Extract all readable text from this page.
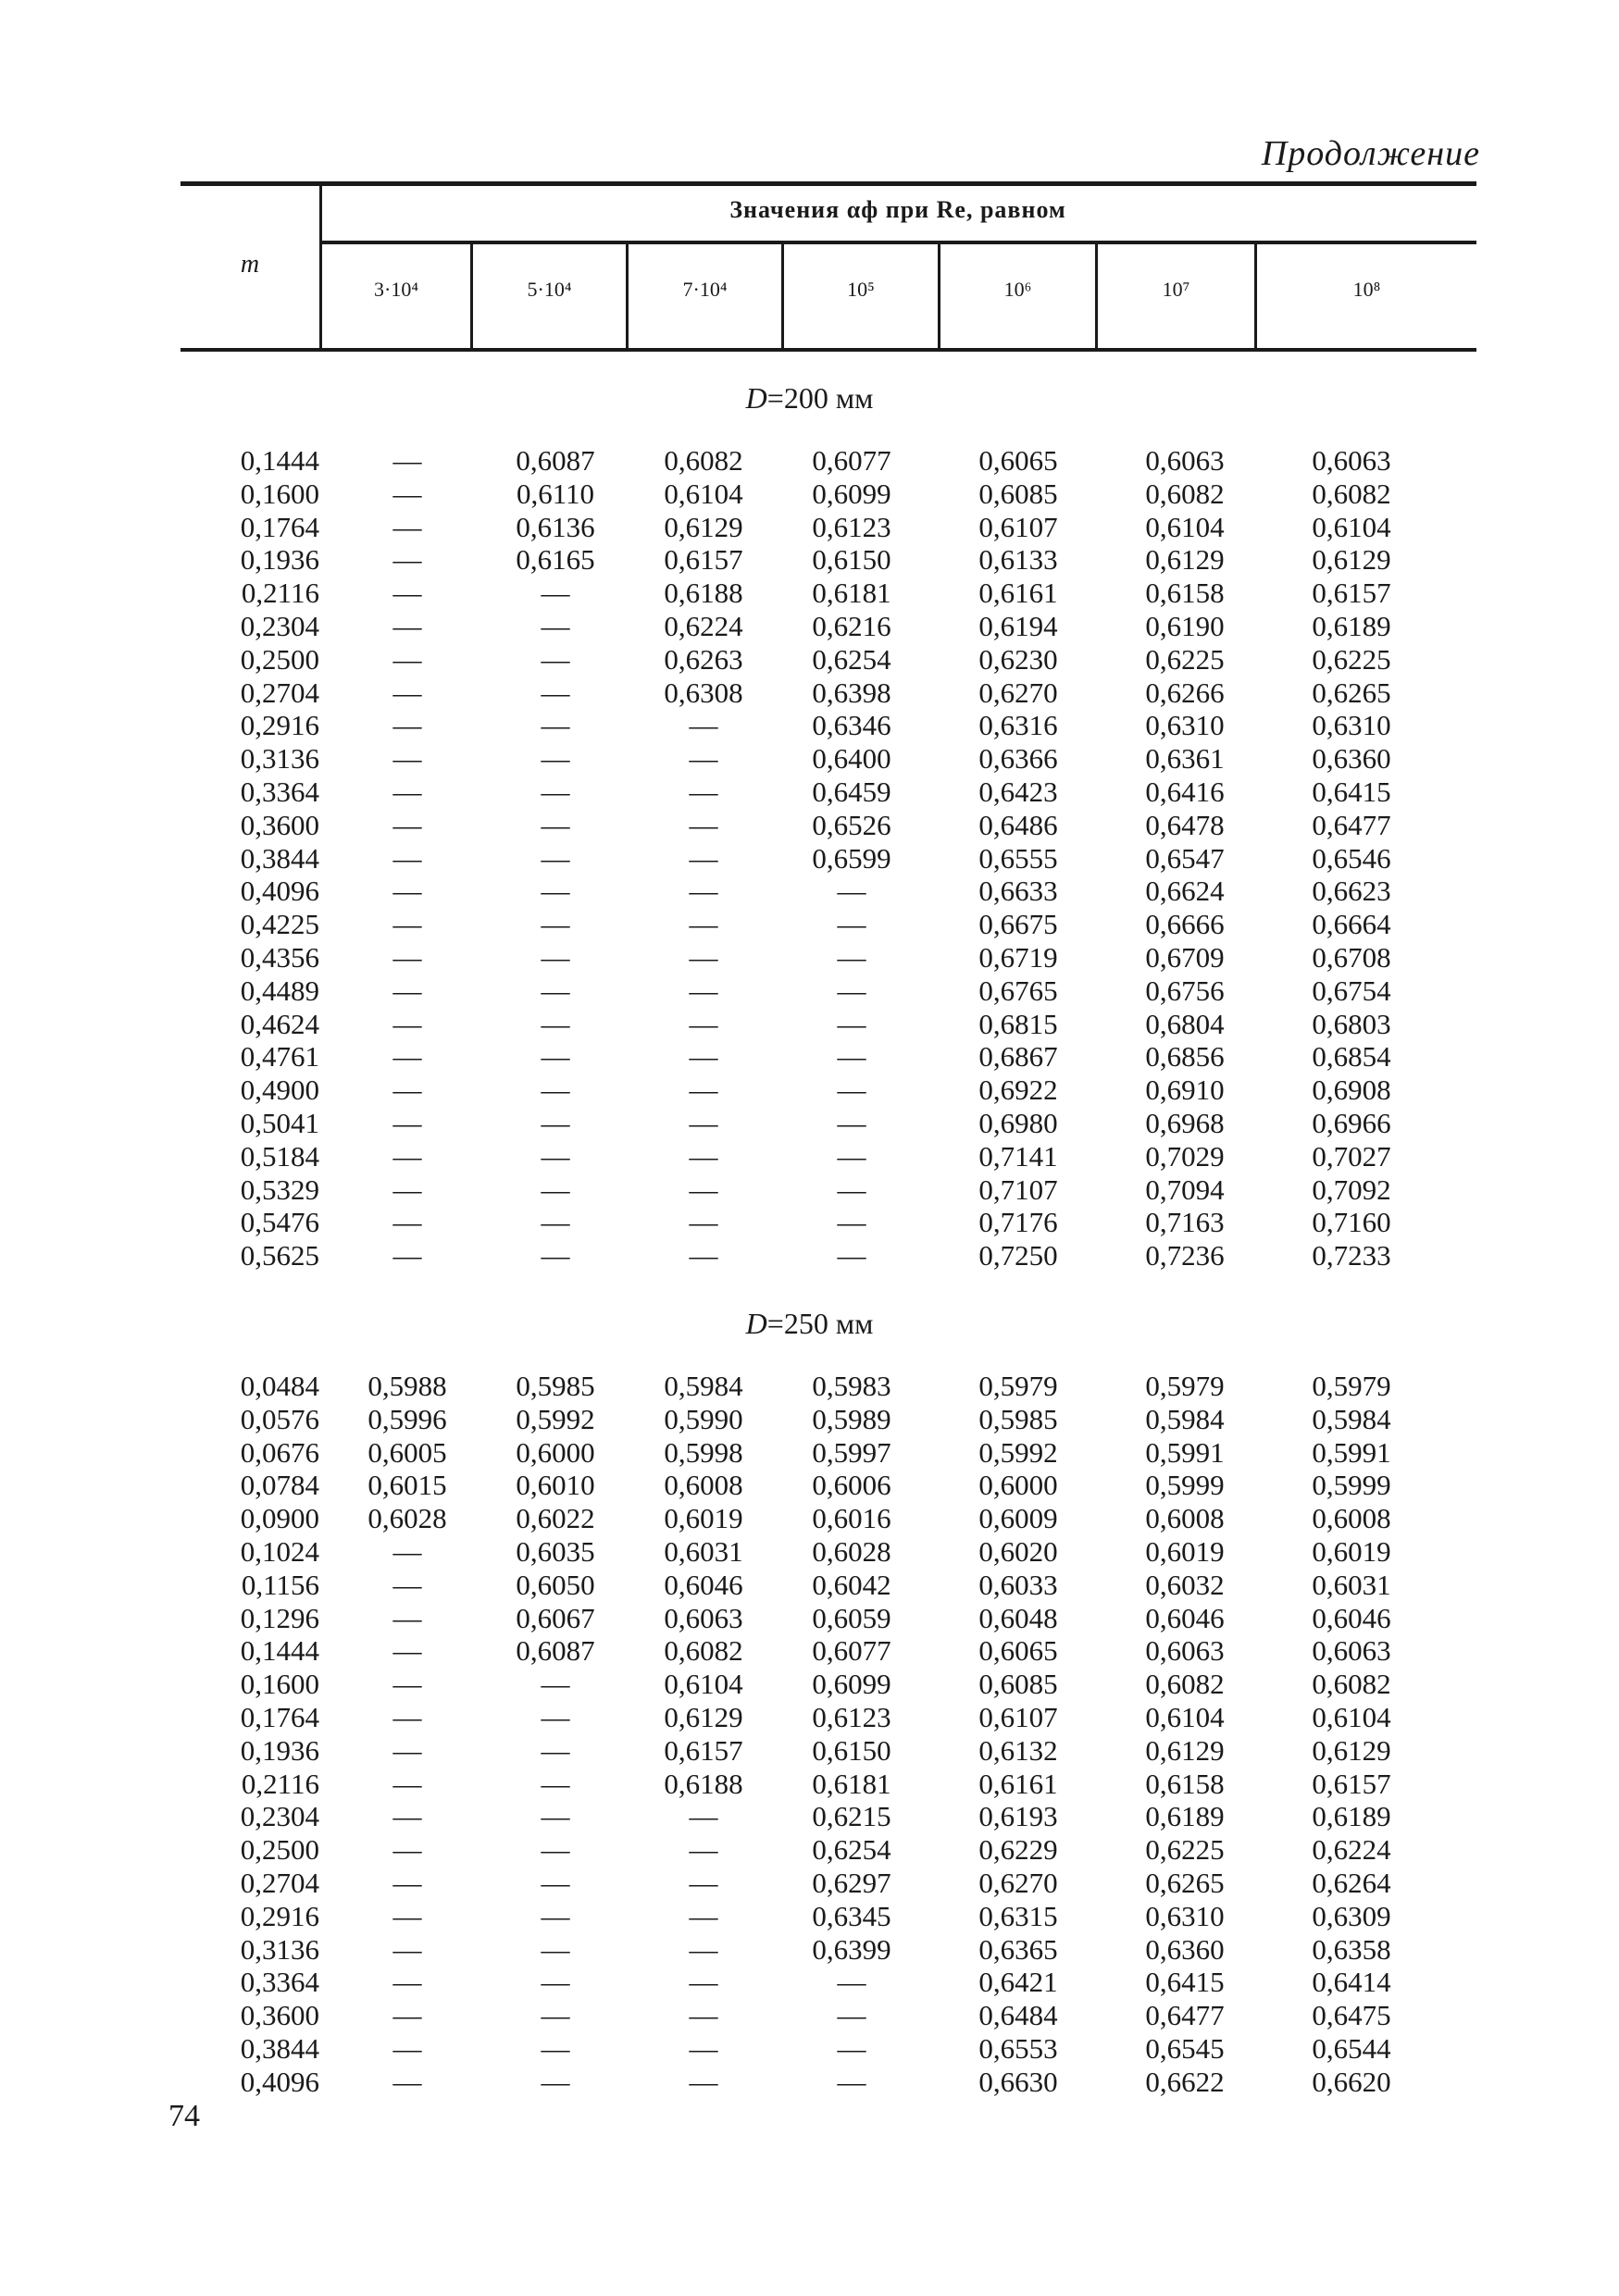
Продолжение
m
Значения αф при Re, равном
3·10⁴	5·10⁴	7·10⁴	10⁵	10⁶	10⁷	10⁸
D=200 мм
0,1444	—	0,6087	0,6082	0,6077	0,6065	0,6063	0,6063
0,1600	—	0,6110	0,6104	0,6099	0,6085	0,6082	0,6082
0,1764	—	0,6136	0,6129	0,6123	0,6107	0,6104	0,6104
0,1936	—	0,6165	0,6157	0,6150	0,6133	0,6129	0,6129
0,2116	—	—	0,6188	0,6181	0,6161	0,6158	0,6157
0,2304	—	—	0,6224	0,6216	0,6194	0,6190	0,6189
0,2500	—	—	0,6263	0,6254	0,6230	0,6225	0,6225
0,2704	—	—	0,6308	0,6398	0,6270	0,6266	0,6265
0,2916	—	—	—	0,6346	0,6316	0,6310	0,6310
0,3136	—	—	—	0,6400	0,6366	0,6361	0,6360
0,3364	—	—	—	0,6459	0,6423	0,6416	0,6415
0,3600	—	—	—	0,6526	0,6486	0,6478	0,6477
0,3844	—	—	—	0,6599	0,6555	0,6547	0,6546
0,4096	—	—	—	—	0,6633	0,6624	0,6623
0,4225	—	—	—	—	0,6675	0,6666	0,6664
0,4356	—	—	—	—	0,6719	0,6709	0,6708
0,4489	—	—	—	—	0,6765	0,6756	0,6754
0,4624	—	—	—	—	0,6815	0,6804	0,6803
0,4761	—	—	—	—	0,6867	0,6856	0,6854
0,4900	—	—	—	—	0,6922	0,6910	0,6908
0,5041	—	—	—	—	0,6980	0,6968	0,6966
0,5184	—	—	—	—	0,7141	0,7029	0,7027
0,5329	—	—	—	—	0,7107	0,7094	0,7092
0,5476	—	—	—	—	0,7176	0,7163	0,7160
0,5625	—	—	—	—	0,7250	0,7236	0,7233
D=250 мм
0,0484	0,5988	0,5985	0,5984	0,5983	0,5979	0,5979	0,5979
0,0576	0,5996	0,5992	0,5990	0,5989	0,5985	0,5984	0,5984
0,0676	0,6005	0,6000	0,5998	0,5997	0,5992	0,5991	0,5991
0,0784	0,6015	0,6010	0,6008	0,6006	0,6000	0,5999	0,5999
0,0900	0,6028	0,6022	0,6019	0,6016	0,6009	0,6008	0,6008
0,1024	—	0,6035	0,6031	0,6028	0,6020	0,6019	0,6019
0,1156	—	0,6050	0,6046	0,6042	0,6033	0,6032	0,6031
0,1296	—	0,6067	0,6063	0,6059	0,6048	0,6046	0,6046
0,1444	—	0,6087	0,6082	0,6077	0,6065	0,6063	0,6063
0,1600	—	—	0,6104	0,6099	0,6085	0,6082	0,6082
0,1764	—	—	0,6129	0,6123	0,6107	0,6104	0,6104
0,1936	—	—	0,6157	0,6150	0,6132	0,6129	0,6129
0,2116	—	—	0,6188	0,6181	0,6161	0,6158	0,6157
0,2304	—	—	—	0,6215	0,6193	0,6189	0,6189
0,2500	—	—	—	0,6254	0,6229	0,6225	0,6224
0,2704	—	—	—	0,6297	0,6270	0,6265	0,6264
0,2916	—	—	—	0,6345	0,6315	0,6310	0,6309
0,3136	—	—	—	0,6399	0,6365	0,6360	0,6358
0,3364	—	—	—	—	0,6421	0,6415	0,6414
0,3600	—	—	—	—	0,6484	0,6477	0,6475
0,3844	—	—	—	—	0,6553	0,6545	0,6544
0,4096	—	—	—	—	0,6630	0,6622	0,6620
74
